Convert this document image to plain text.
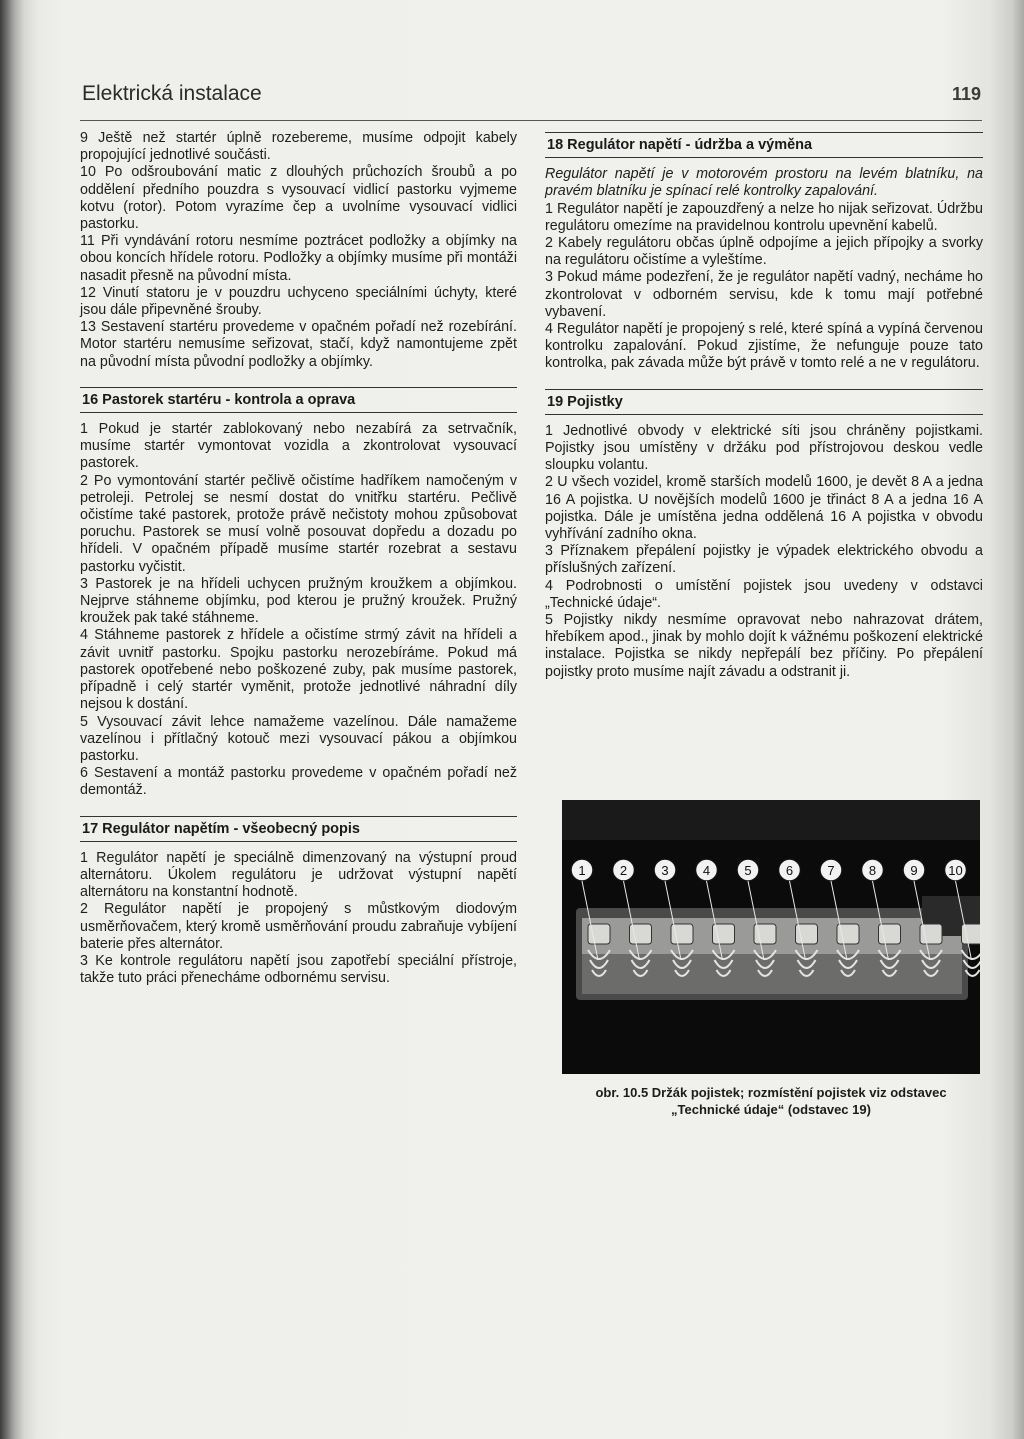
Elektrická instalace	119

9 Ještě než startér úplně rozebereme, musíme odpojit kabely propojující jednotlivé součásti.

10 Po odšroubování matic z dlouhých průchozích šroubů a po oddělení předního pouzdra s vysouvací vidlicí pastorku vyjmeme kotvu (rotor). Potom vyrazíme čep a uvolníme vysouvací vidlici pastorku.

11 Při vyndávání rotoru nesmíme poztrácet podložky a objímky na obou koncích hřídele rotoru. Podložky a objímky musíme při montáži nasadit přesně na původní místa.

12 Vinutí statoru je v pouzdru uchyceno speciálními úchyty, které jsou dále připevněné šrouby.

13 Sestavení startéru provedeme v opačném pořadí než rozebírání. Motor startéru nemusíme seřizovat, stačí, když namontujeme zpět na původní místa původní podložky a objímky.

16 Pastorek startéru - kontrola a oprava

1 Pokud je startér zablokovaný nebo nezabírá za setrvačník, musíme startér vymontovat vozidla a zkontrolovat vysouvací pastorek.

2 Po vymontování startér pečlivě očistíme hadříkem namočeným v petroleji. Petrolej se nesmí dostat do vnitřku startéru. Pečlivě očistíme také pastorek, protože právě nečistoty mohou způsobovat poruchu. Pastorek se musí volně posouvat dopředu a dozadu po hřídeli. V opačném případě musíme startér rozebrat a sestavu pastorku vyčistit.

3 Pastorek je na hřídeli uchycen pružným kroužkem a objímkou. Nejprve stáhneme objímku, pod kterou je pružný kroužek. Pružný kroužek pak také stáhneme.

4 Stáhneme pastorek z hřídele a očistíme strmý závit na hřídeli a závit uvnitř pastorku. Spojku pastorku nerozebíráme. Pokud má pastorek opotřebené nebo poškozené zuby, pak musíme pastorek, případně i celý startér vyměnit, protože jednotlivé náhradní díly nejsou k dostání.

5 Vysouvací závit lehce namažeme vazelínou. Dále namažeme vazelínou i přítlačný kotouč mezi vysouvací pákou a objímkou pastorku.

6 Sestavení a montáž pastorku provedeme v opačném pořadí než demontáž.

17 Regulátor napětím - všeobecný popis

1 Regulátor napětí je speciálně dimenzovaný na výstupní proud alternátoru. Úkolem regulátoru je udržovat výstupní napětí alternátoru na konstantní hodnotě.

2 Regulátor napětí je propojený s můstkovým diodovým usměrňovačem, který kromě usměrňování proudu zabraňuje vybíjení baterie přes alternátor.

3 Ke kontrole regulátoru napětí jsou zapotřebí speciální přístroje, takže tuto práci přenecháme odbornému servisu.

18 Regulátor napětí - údržba a výměna

Regulátor napětí je v motorovém prostoru na levém blatníku, na pravém blatníku je spínací relé kontrolky zapalování.

1 Regulátor napětí je zapouzdřený a nelze ho nijak seřizovat. Údržbu regulátoru omezíme na pravidelnou kontrolu upevnění kabelů.

2 Kabely regulátoru občas úplně odpojíme a jejich přípojky a svorky na regulátoru očistíme a vyleštíme.

3 Pokud máme podezření, že je regulátor napětí vadný, necháme ho zkontrolovat v odborném servisu, kde k tomu mají potřebné vybavení.

4 Regulátor napětí je propojený s relé, které spíná a vypíná červenou kontrolku zapalování. Pokud zjistíme, že nefunguje pouze tato kontrolka, pak závada může být právě v tomto relé a ne v regulátoru.

19 Pojistky

1 Jednotlivé obvody v elektrické síti jsou chráněny pojistkami. Pojistky jsou umístěny v držáku pod přístrojovou deskou vedle sloupku volantu.

2 U všech vozidel, kromě starších modelů 1600, je devět 8 A a jedna 16 A pojistka. U novějších modelů 1600 je třináct 8 A a jedna 16 A pojistka. Dále je umístěna jedna oddělená 16 A pojistka v obvodu vyhřívání zadního okna.

3 Příznakem přepálení pojistky je výpadek elektrického obvodu a příslušných zařízení.

4 Podrobnosti o umístění pojistek jsou uvedeny v odstavci „Technické údaje“.

5 Pojistky nikdy nesmíme opravovat nebo nahrazovat drátem, hřebíkem apod., jinak by mohlo dojít k vážnému poškození elektrické instalace. Pojistka se nikdy nepřepálí bez příčiny. Po přepálení pojistky proto musíme najít závadu a odstranit ji.

1	2	3	4	5	6	7	8	9 10
obr. 10.5 Držák pojistek; rozmístění pojistek viz odstavec
„Technické údaje“ (odstavec 19)
